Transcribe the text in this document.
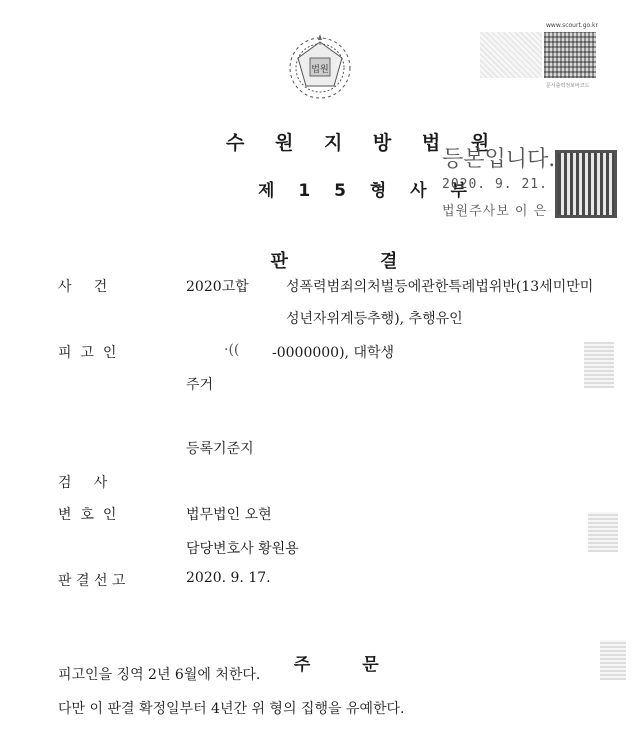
법원
www.scourt.go.kr
문서출력정보바코드
수 원 지 방 법 원
제 1 5 형 사 부

판	결

등본입니다.
2020. 9. 21.
법원주사보 이 은
사     건	2020고합	성폭력범죄의처벌등에관한특례법위반(13세미만미
성년자위계등추행), 추행유인
피  고  인	·(( -0000000), 대학생
주거
등록기준지
검     사
변  호  인	법무법인 오현
담당변호사 황원용
판 결 선 고	2020. 9. 17.

주	문

피고인을 징역 2년 6월에 처한다.
다만 이 판결 확정일부터 4년간 위 형의 집행을 유예한다.
